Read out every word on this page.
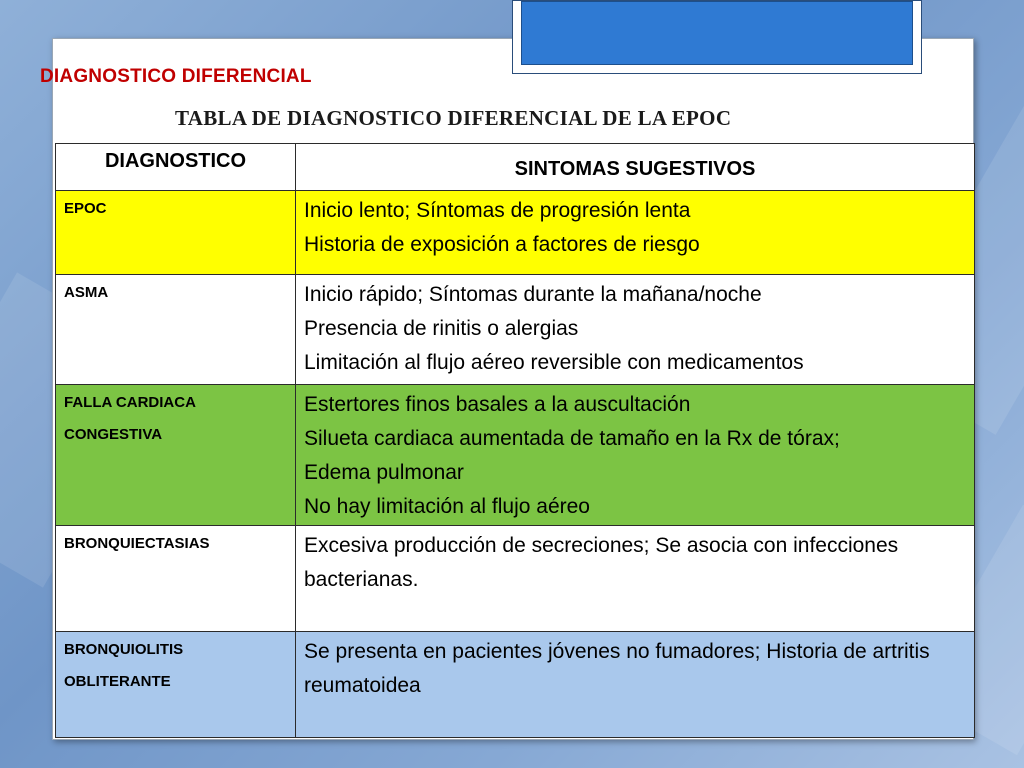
DIAGNOSTICO DIFERENCIAL
TABLA DE DIAGNOSTICO DIFERENCIAL DE LA EPOC
DIAGNOSTICO	SINTOMAS SUGESTIVOS

EPOC	Inicio lento; Síntomas de progresión lenta
Historia de exposición a factores de riesgo

ASMA	Inicio rápido; Síntomas durante la mañana/noche
Presencia de rinitis o alergias
Limitación al flujo aéreo reversible con medicamentos

FALLA CARDIACA
CONGESTIVA	Estertores finos basales a la auscultación
Silueta cardiaca aumentada de tamaño en la Rx de tórax;
Edema pulmonar
No hay limitación al flujo aéreo

BRONQUIECTASIAS	Excesiva producción de secreciones; Se asocia con infecciones bacterianas.

BRONQUIOLITIS
OBLITERANTE	Se presenta en pacientes jóvenes no fumadores; Historia de artritis reumatoidea
